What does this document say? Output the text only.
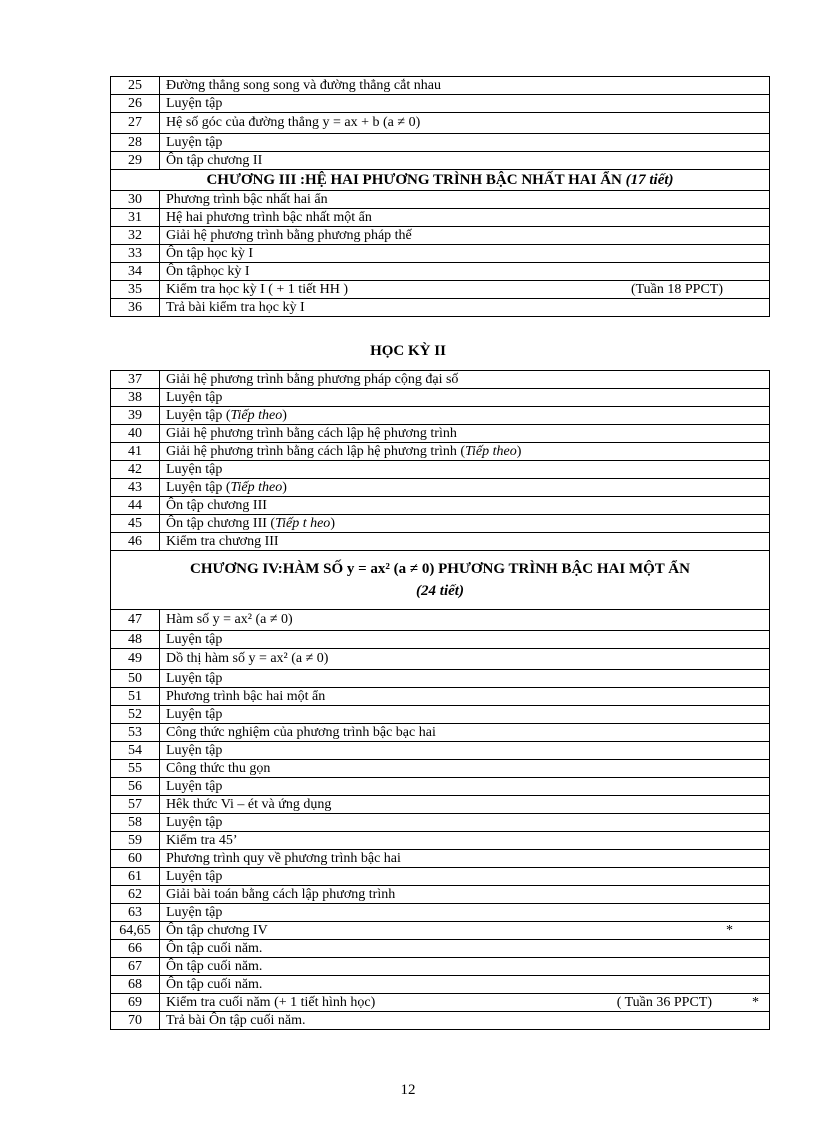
25	Đường thẳng song song và đường thẳng cắt nhau
26	Luyện tập
27	Hệ số góc của đường thẳng y = ax + b (a ≠ 0)
28	Luyện tập
29	Ôn tập chương II
CHƯƠNG III :HỆ HAI PHƯƠNG TRÌNH BẬC NHẤT HAI ẨN (17 tiết)	
30	Phương trình bậc nhất hai ẩn
31	Hệ hai phương trình bậc nhất một ẩn
32	Giải hệ phương trình bằng phương pháp thế
33	Ôn tập học kỳ I
34	Ôn tậphọc kỳ I
35	Kiểm tra học kỳ I ( + 1 tiết HH ) (Tuần 18 PPCT)

36	Trả bài kiểm tra học kỳ I
HỌC KỲ II
37	Giải hệ phương trình bằng phương pháp cộng đại số
38	Luyện tập
39	Luyện tập (Tiếp theo)
40	Giải hệ phương trình bằng cách lập hệ phương trình
41	Giải hệ phương trình bằng cách lập hệ phương trình (Tiếp theo)
42	Luyện tập
43	Luyện tập (Tiếp theo)
44	Ôn tập chương III
45	Ôn tập chương III (Tiếp t heo)
46	Kiểm tra chương III

CHƯƠNG IV:HÀM SỐ y = ax² (a ≠ 0) PHƯƠNG TRÌNH BẬC HAI MỘT ẨN
(24 tiết)	

47	Hàm số y = ax² (a ≠ 0)
48	Luyện tập
49	Dồ thị hàm số y = ax² (a ≠ 0)
50	Luyện tập
51	Phương trình bậc hai một ẩn
52	Luyện tập
53	Công thức nghiệm của phương trình bậc bạc hai
54	Luyện tập
55	Công thức thu gọn
56	Luyện tập
57	Hêk thức Vi – ét và ứng dụng
58	Luyện tập
59	Kiểm tra 45’
60	Phương trình quy về phương trình bậc hai
61	Luyện tập
62	Giải bài toán bằng cách lập phương trình
63	Luyện tập
64,65	Ôn tập chương IV *

66	Ôn tập cuối năm.
67	Ôn tập cuối năm.
68	Ôn tập cuối năm.
69	Kiểm tra cuối năm (+ 1 tiết hình học) *
( Tuần 36 PPCT)

70	Trả bài Ôn tập cuối năm.
12
